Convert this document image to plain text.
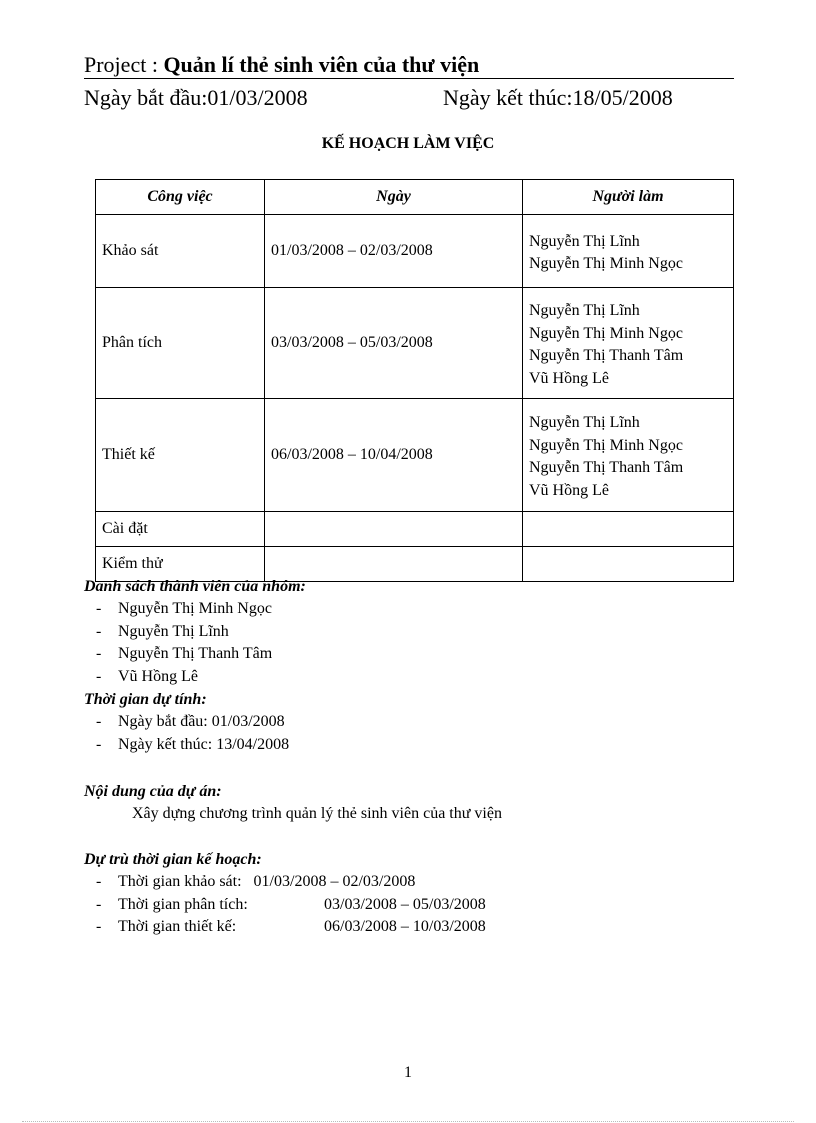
Project : Quản lí thẻ sinh viên của thư viện
Ngày bắt đầu:01/03/2008	Ngày kết thúc:18/05/2008
KẾ HOẠCH LÀM VIỆC
Công việc	Ngày	Người làm
Khảo sát	01/03/2008 – 02/03/2008	Nguyễn Thị Lĩnh
Nguyễn Thị Minh Ngọc

Phân tích	03/03/2008 – 05/03/2008	Nguyễn Thị Lĩnh
Nguyễn Thị Minh Ngọc
Nguyễn Thị Thanh Tâm
Vũ Hồng Lê

Thiết kế	06/03/2008 – 10/04/2008	Nguyễn Thị Lĩnh
Nguyễn Thị Minh Ngọc
Nguyễn Thị Thanh Tâm
Vũ Hồng Lê

Cài đặt		
Kiểm thử		
Danh sách thành viên của nhóm:
- Nguyễn Thị Minh Ngọc
- Nguyễn Thị Lĩnh
- Nguyễn Thị Thanh Tâm
- Vũ Hồng Lê
Thời gian dự tính:
- Ngày bắt đầu: 01/03/2008
- Ngày kết thúc: 13/04/2008
Nội dung của dự án:
Xây dựng chương trình quản lý thẻ sinh viên của thư viện
Dự trù thời gian kế hoạch:
- Thời gian khảo sát: 01/03/2008 – 02/03/2008
- Thời gian phân tích:	03/03/2008 – 05/03/2008
- Thời gian thiết kế:	06/03/2008 – 10/03/2008
1
